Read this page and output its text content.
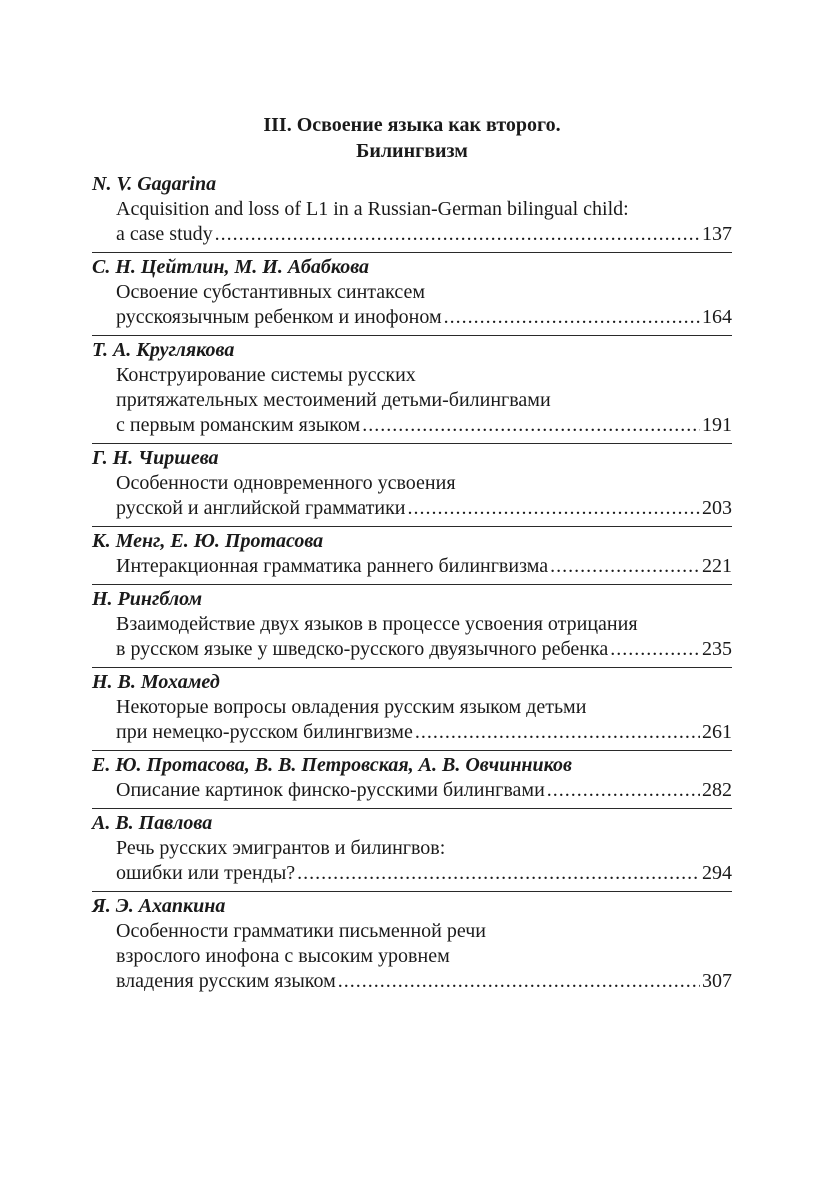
III. Освоение языка как второго.
Билингвизм
N. V. Gagarina
Acquisition and loss of L1 in a Russian-German bilingual child:
a case study .....	137
С. Н. Цейтлин, М. И. Абабкова
Освоение субстантивных синтаксем
русскоязычным ребенком и инофоном .....	164
Т. А. Круглякова
Конструирование системы русских
притяжательных местоимений детьми-билингвами
с первым романским языком .....	191
Г. Н. Чиршева
Особенности одновременного усвоения
русской и английской грамматики .....	203
К. Менг, Е. Ю. Протасова
Интеракционная грамматика раннего билингвизма .....	221
Н. Рингблом
Взаимодействие двух языков в процессе усвоения отрицания
в русском языке у шведско-русского двуязычного ребенка .....	235
Н. В. Мохамед
Некоторые вопросы овладения русским языком детьми
при немецко-русском билингвизме .....	261
Е. Ю. Протасова, В. В. Петровская, А. В. Овчинников
Описание картинок финско-русскими билингвами .....	282
А. В. Павлова
Речь русских эмигрантов и билингвов:
ошибки или тренды? .....	294
Я. Э. Ахапкина
Особенности грамматики письменной речи
взрослого инофона с высоким уровнем
владения русским языком .....	307
